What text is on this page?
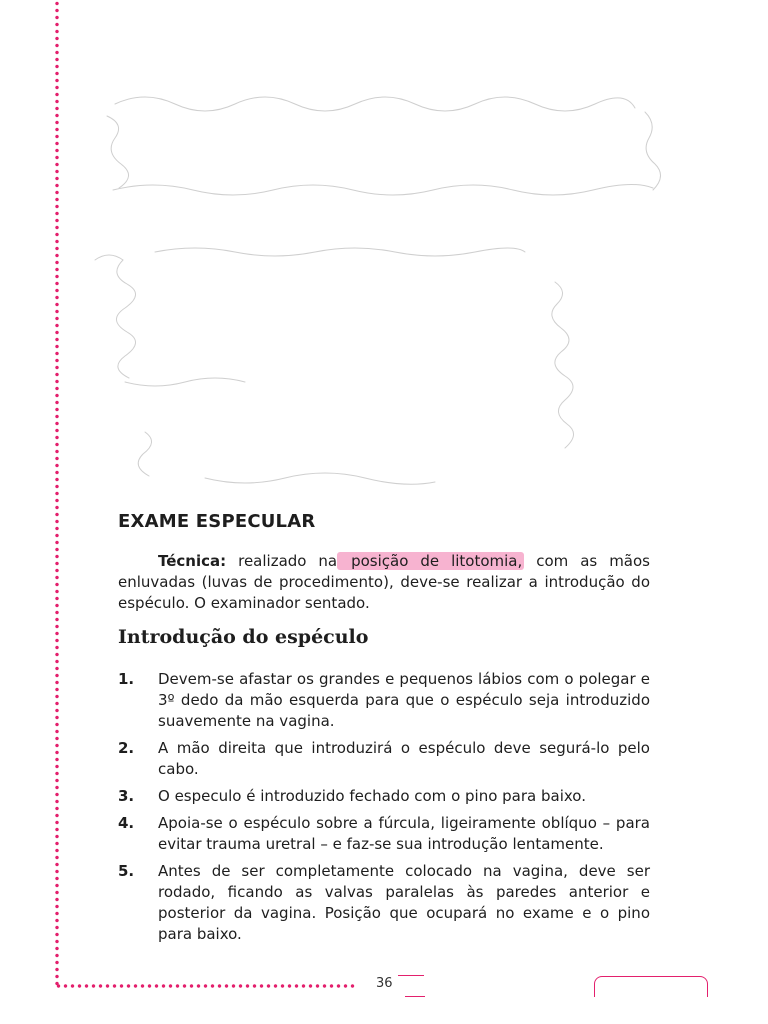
EXAME ESPECULAR

Técnica: realizado na posição de litotomia, com as mãos enluvadas (luvas de procedimento), deve-se realizar a introdução do espéculo. O examinador sentado.

Introdução do espéculo
1.	Devem-se afastar os grandes e pequenos lábios com o polegar e 3º dedo da mão esquerda para que o espéculo seja introduzido suavemente na vagina.
2.	A mão direita que introduzirá o espéculo deve segurá-lo pelo cabo.
3.	O especulo é introduzido fechado com o pino para baixo.
4.	Apoia-se o espéculo sobre a fúrcula, ligeiramente oblíquo – para evitar trauma uretral – e faz-se sua introdução lentamente.
5.	Antes de ser completamente colocado na vagina, deve ser rodado, ficando as valvas paralelas às paredes anterior e posterior da vagina. Posição que ocupará no exame e o pino para baixo.
36
